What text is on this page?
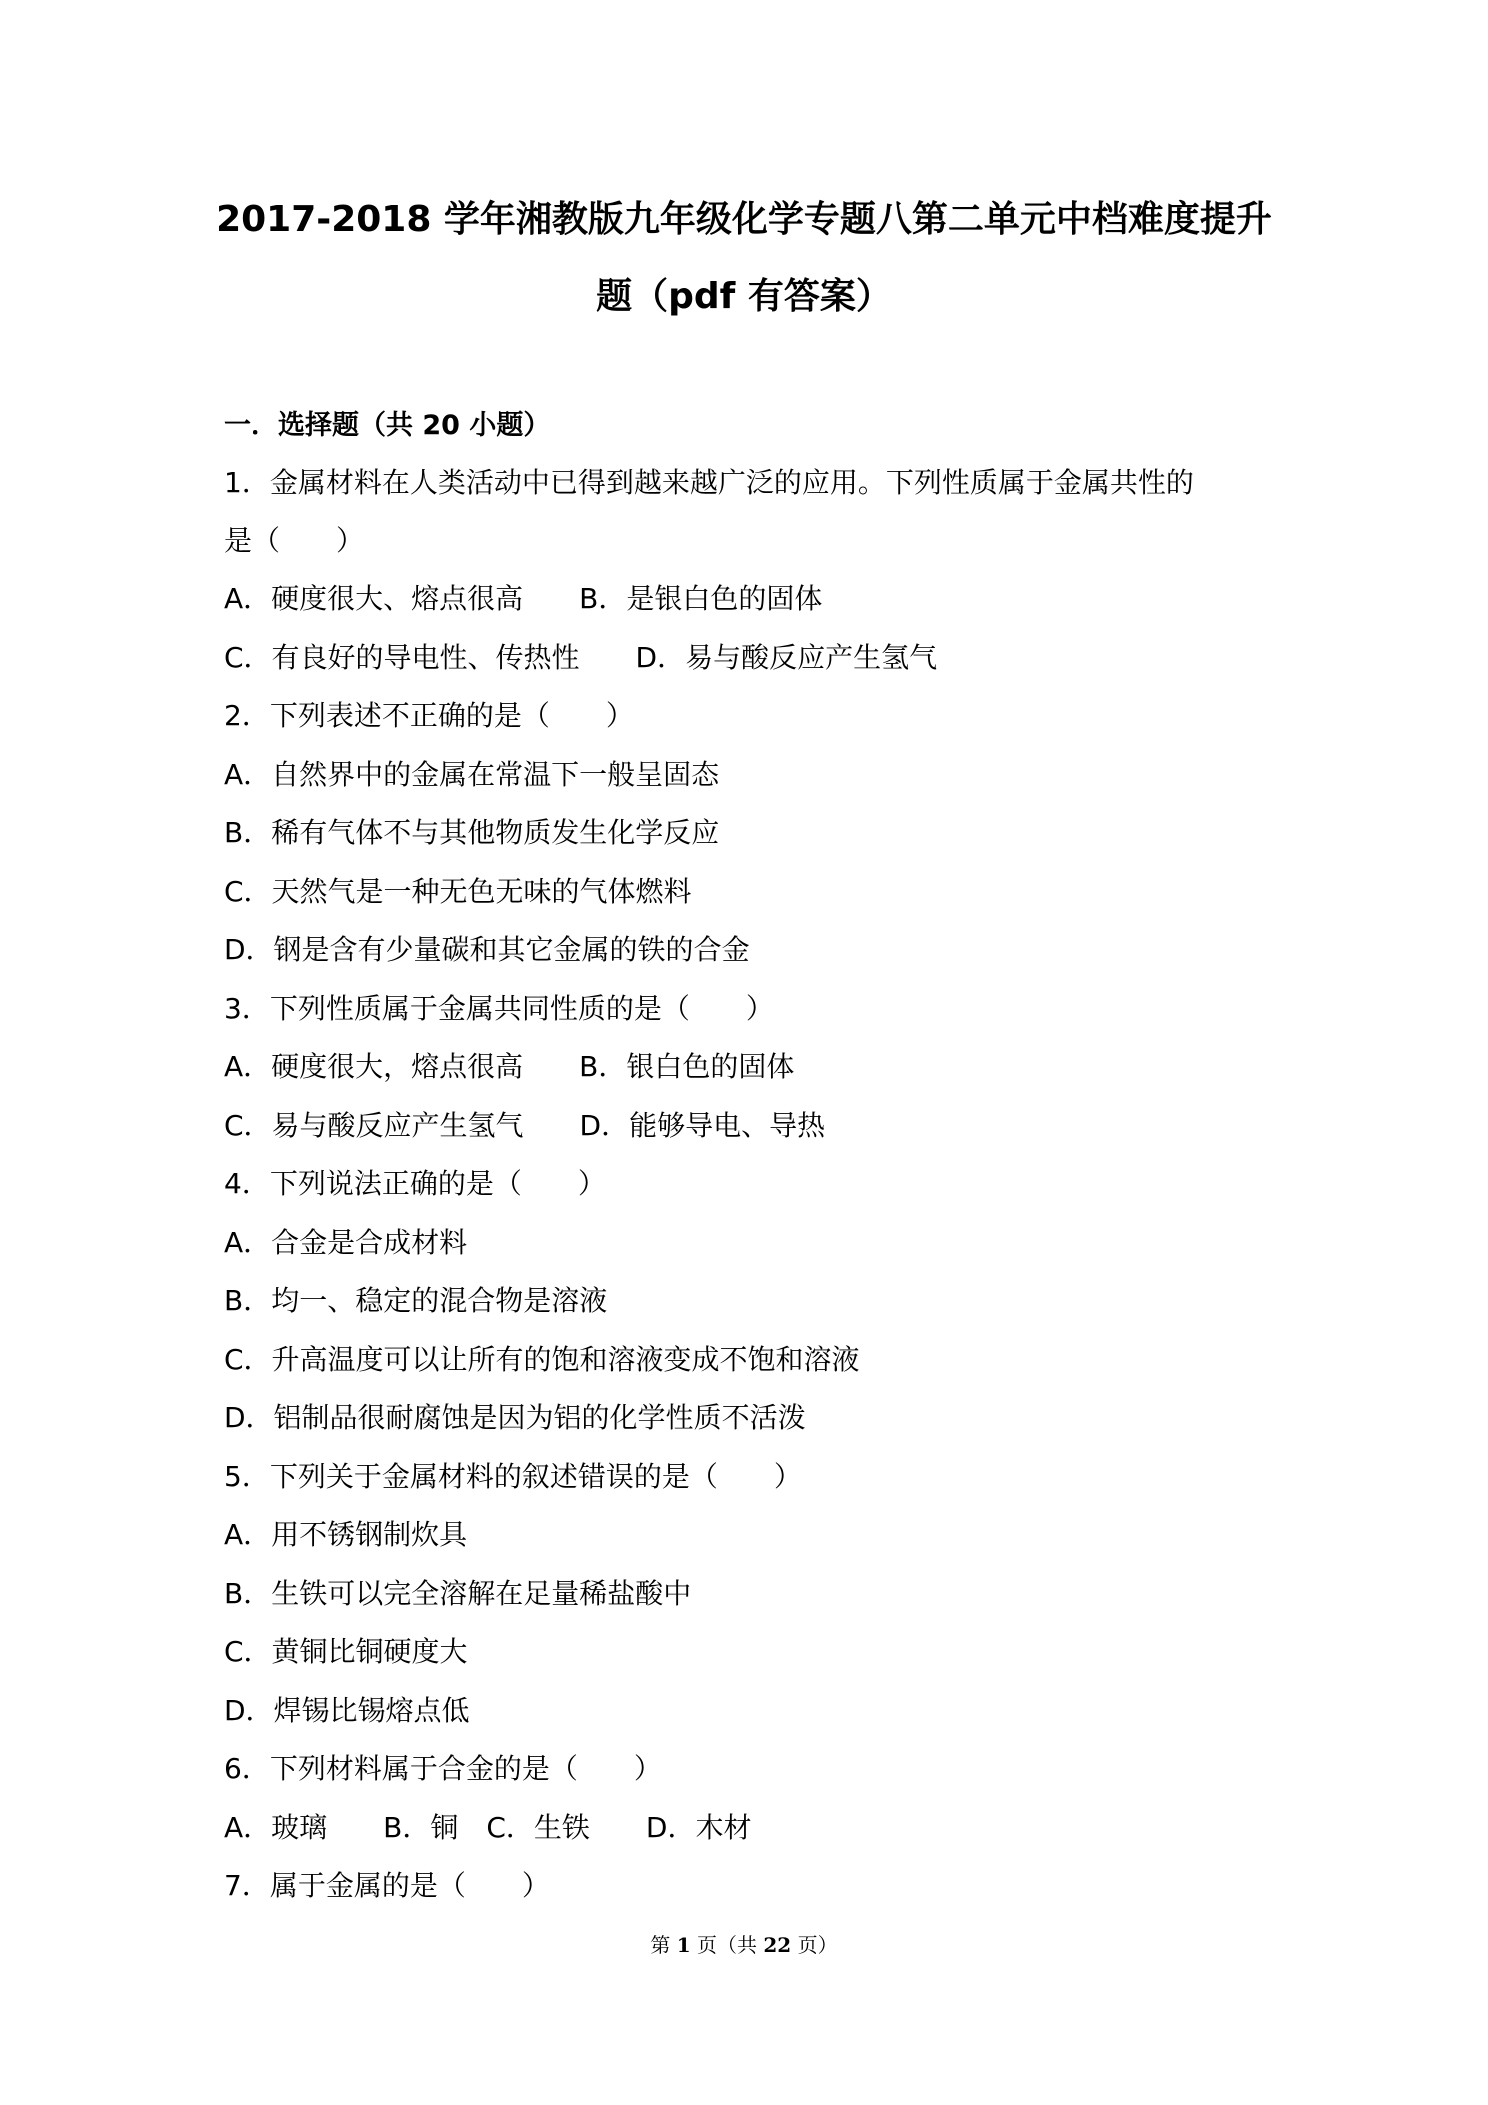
2017-2018 学年湘教版九年级化学专题八第二单元中档难度提升
题（pdf 有答案）
一．选择题（共 20 小题）
1．金属材料在人类活动中已得到越来越广泛的应用。下列性质属于金属共性的
是（　　）
A．硬度很大、熔点很高　　B．是银白色的固体
C．有良好的导电性、传热性　　D．易与酸反应产生氢气
2．下列表述不正确的是（　　）
A．自然界中的金属在常温下一般呈固态
B．稀有气体不与其他物质发生化学反应
C．天然气是一种无色无味的气体燃料
D．钢是含有少量碳和其它金属的铁的合金
3．下列性质属于金属共同性质的是（　　）
A．硬度很大，熔点很高　　B．银白色的固体
C．易与酸反应产生氢气　　D．能够导电、导热
4．下列说法正确的是（　　）
A．合金是合成材料
B．均一、稳定的混合物是溶液
C．升高温度可以让所有的饱和溶液变成不饱和溶液
D．铝制品很耐腐蚀是因为铝的化学性质不活泼
5．下列关于金属材料的叙述错误的是（　　）
A．用不锈钢制炊具
B．生铁可以完全溶解在足量稀盐酸中
C．黄铜比铜硬度大
D．焊锡比锡熔点低
6．下列材料属于合金的是（　　）
A．玻璃　　B．铜　C．生铁　　D．木材
7．属于金属的是（　　）
第 1 页（共 22 页）
